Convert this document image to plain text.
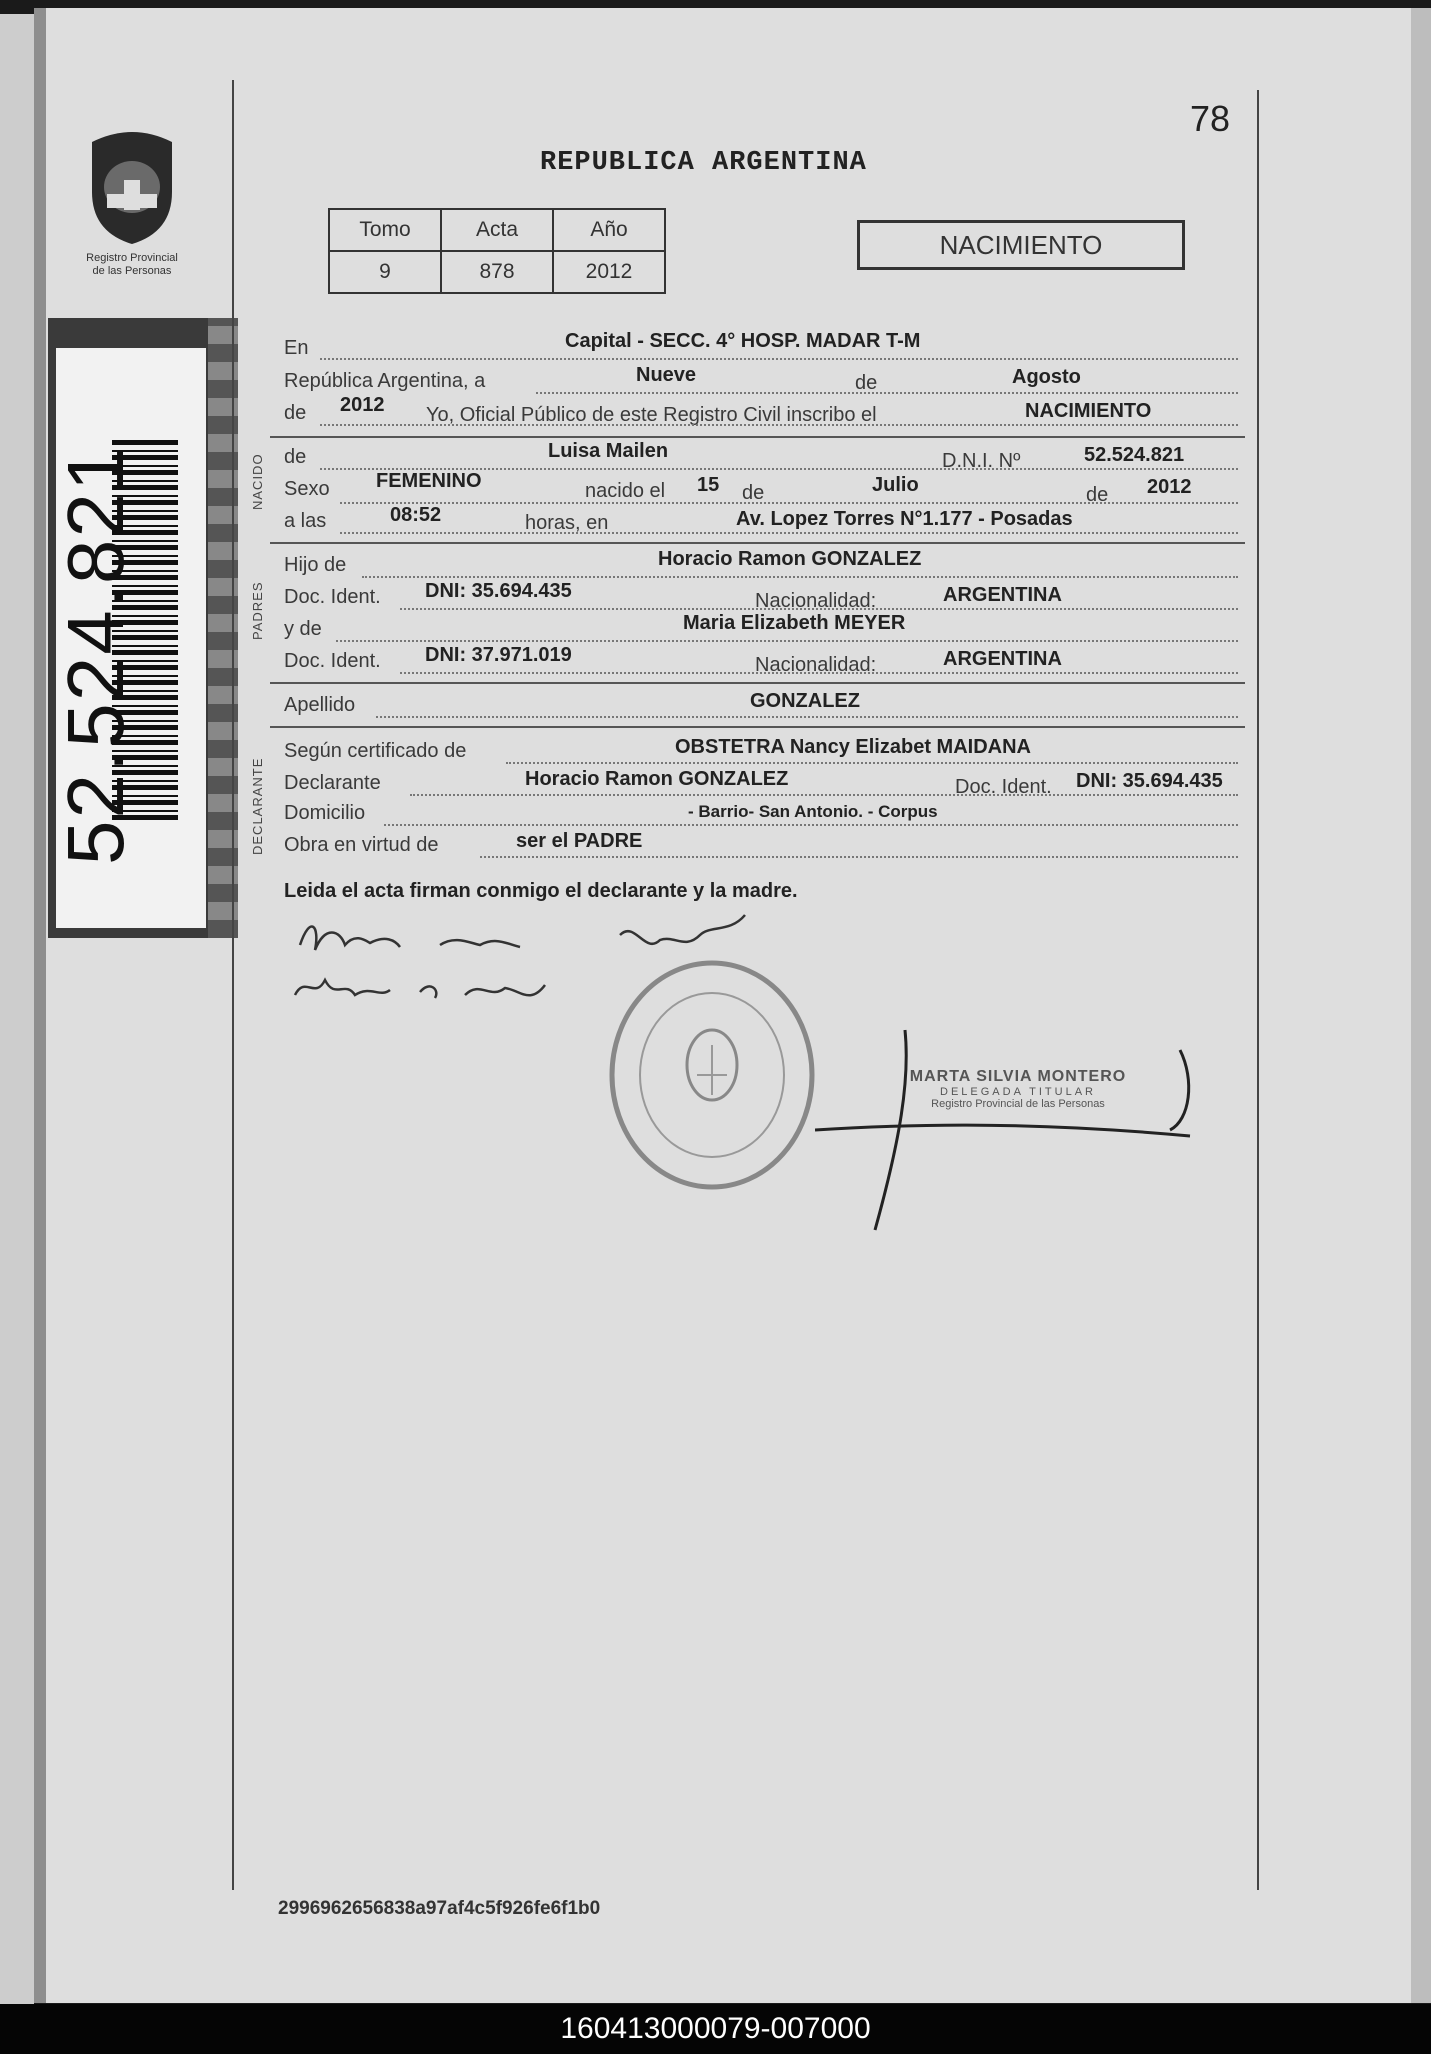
Registro Provincial
de las Personas
52.524.821
78
REPUBLICA ARGENTINA
Tomo	Acta	Año
9	878	2012
NACIMIENTO
NACIDO
PADRES
DECLARANTE
En	Capital - SECC. 4° HOSP. MADAR T-M
República Argentina, a	Nueve	de	Agosto
de 2012 Yo, Oficial Público de este Registro Civil inscribo el	NACIMIENTO
de	Luisa Mailen	D.N.I. Nº	52.524.821
Sexo FEMENINO	nacido el 15 de	Julio	de 2012
a las	08:52	horas, en	Av. Lopez Torres N°1.177 - Posadas
Hijo de	Horacio Ramon GONZALEZ
Doc. Ident. DNI: 35.694.435	Nacionalidad:	ARGENTINA
y de	Maria Elizabeth MEYER
Doc. Ident. DNI: 37.971.019	Nacionalidad:	ARGENTINA
Apellido	GONZALEZ
Según certificado de	OBSTETRA Nancy Elizabet MAIDANA
Declarante	Horacio Ramon GONZALEZ	Doc. Ident. DNI: 35.694.435
Domicilio	- Barrio- San Antonio. - Corpus
Obra en virtud de	ser el PADRE
Leida el acta firman conmigo el declarante y la madre.
MARTA SILVIA MONTERO
DELEGADA TITULAR
Registro Provincial de las Personas
2996962656838a97af4c5f926fe6f1b0
160413000079-007000
